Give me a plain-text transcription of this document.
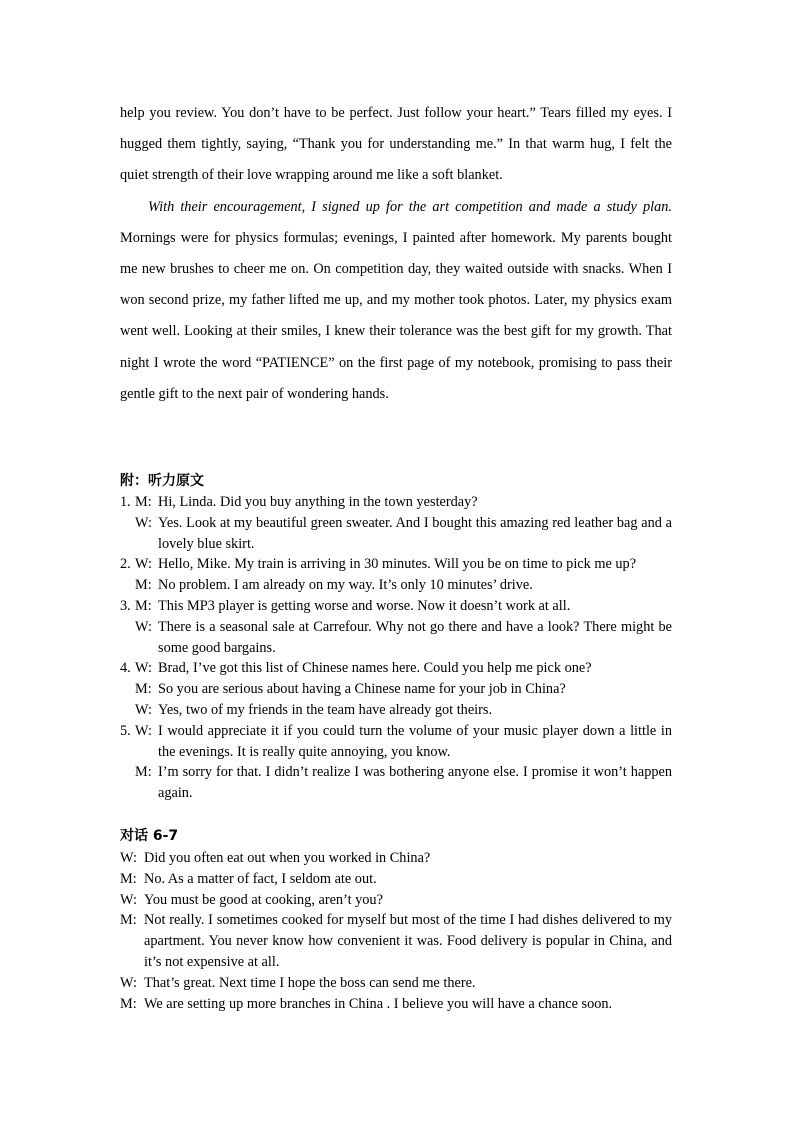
help you review. You don’t have to be perfect. Just follow your heart.” Tears filled my eyes. I hugged them tightly, saying, “Thank you for understanding me.” In that warm hug, I felt the quiet strength of their love wrapping around me like a soft blanket.

With their encouragement, I signed up for the art competition and made a study plan. Mornings were for physics formulas; evenings, I painted after homework. My parents bought me new brushes to cheer me on. On competition day, they waited outside with snacks. When I won second prize, my father lifted me up, and my mother took photos. Later, my physics exam went well. Looking at their smiles, I knew their tolerance was the best gift for my growth. That night I wrote the word “PATIENCE” on the first page of my notebook, promising to pass their gentle gift to the next pair of wondering hands.

附：听力原文
1. M: Hi, Linda. Did you buy anything in the town yesterday?
W: Yes. Look at my beautiful green sweater. And I bought this amazing red leather bag and a lovely blue skirt.
2. W: Hello, Mike. My train is arriving in 30 minutes. Will you be on time to pick me up?
M: No problem. I am already on my way. It’s only 10 minutes’ drive.
3. M: This MP3 player is getting worse and worse. Now it doesn’t work at all.
W: There is a seasonal sale at Carrefour. Why not go there and have a look? There might be some good bargains.
4. W: Brad, I’ve got this list of Chinese names here. Could you help me pick one?
M: So you are serious about having a Chinese name for your job in China?
W: Yes, two of my friends in the team have already got theirs.
5. W: I would appreciate it if you could turn the volume of your music player down a little in the evenings. It is really quite annoying, you know.
M: I’m sorry for that. I didn’t realize I was bothering anyone else. I promise it won’t happen again.
对话 6-7
W: Did you often eat out when you worked in China?
M: No. As a matter of fact, I seldom ate out.
W: You must be good at cooking, aren’t you?
M: Not really. I sometimes cooked for myself but most of the time I had dishes delivered to my apartment. You never know how convenient it was. Food delivery is popular in China, and it’s not expensive at all.
W: That’s great. Next time I hope the boss can send me there.
M: We are setting up more branches in China . I believe you will have a chance soon.
